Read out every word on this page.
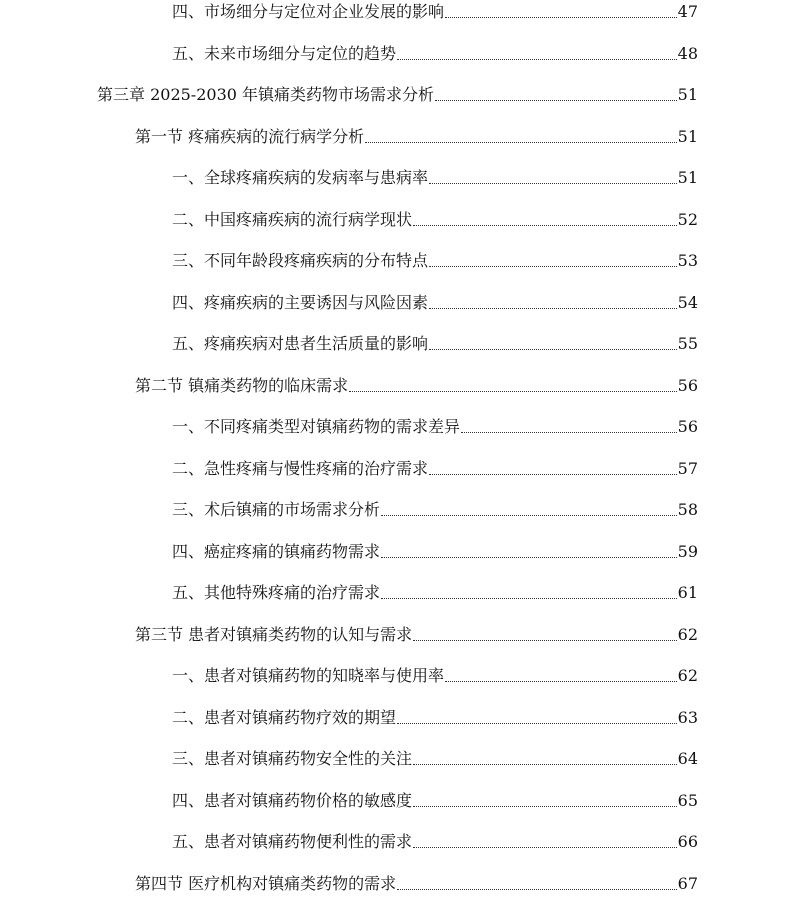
四、市场细分与定位对企业发展的影响	47
五、未来市场细分与定位的趋势	48
第三章 2025-2030 年镇痛类药物市场需求分析	51
第一节 疼痛疾病的流行病学分析	51
一、全球疼痛疾病的发病率与患病率	51
二、中国疼痛疾病的流行病学现状	52
三、不同年龄段疼痛疾病的分布特点	53
四、疼痛疾病的主要诱因与风险因素	54
五、疼痛疾病对患者生活质量的影响	55
第二节 镇痛类药物的临床需求	56
一、不同疼痛类型对镇痛药物的需求差异	56
二、急性疼痛与慢性疼痛的治疗需求	57
三、术后镇痛的市场需求分析	58
四、癌症疼痛的镇痛药物需求	59
五、其他特殊疼痛的治疗需求	61
第三节 患者对镇痛类药物的认知与需求	62
一、患者对镇痛药物的知晓率与使用率	62
二、患者对镇痛药物疗效的期望	63
三、患者对镇痛药物安全性的关注	64
四、患者对镇痛药物价格的敏感度	65
五、患者对镇痛药物便利性的需求	66
第四节 医疗机构对镇痛类药物的需求	67
